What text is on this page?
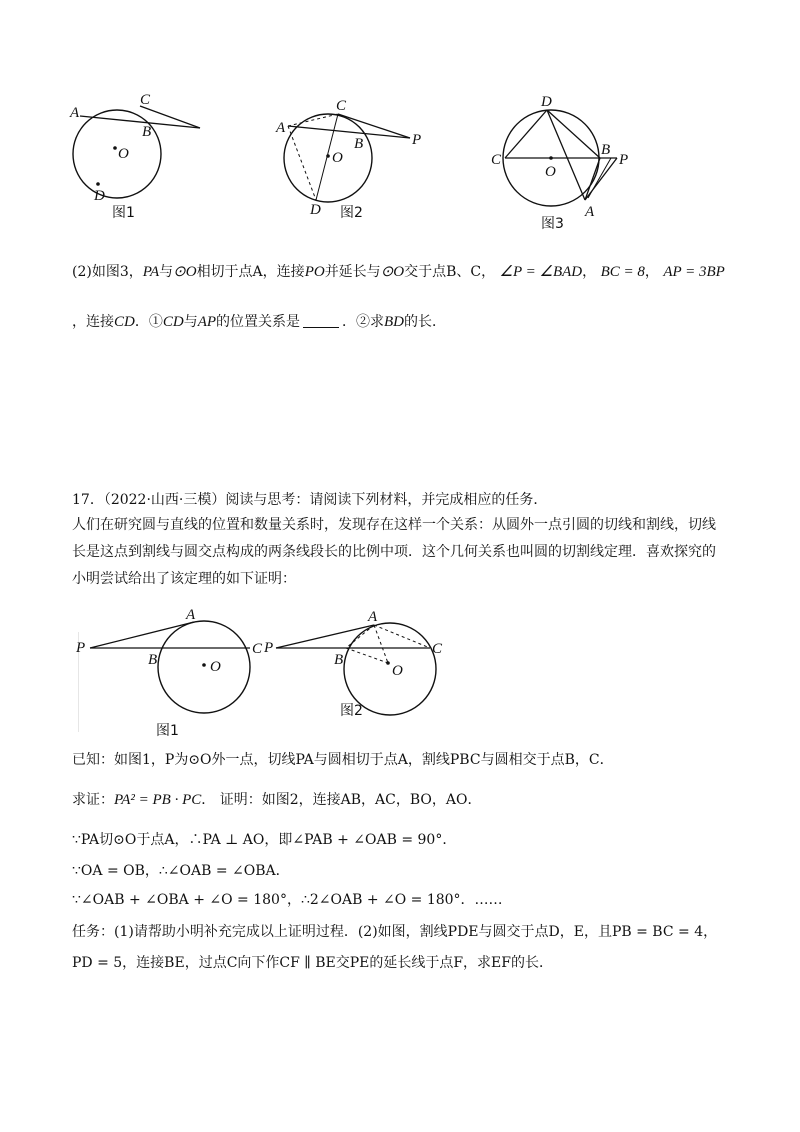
A
C
B
O
D
图1
A
C
B	P
O
D 图2
D
C
O
B
P
A
图3
(2)如图3，PA与⊙O相切于点A，连接PO并延长与⊙O交于点B、C， ∠P = ∠BAD， BC = 8， AP = 3BP
，连接CD．①CD与AP的位置关系是	．②求BD的长．
17．（2022·山西·三模）阅读与思考：请阅读下列材料，并完成相应的任务．
人们在研究圆与直线的位置和数量关系时，发现存在这样一个关系：从圆外一点引圆的切线和割线，切线长是这点到割线与圆交点构成的两条线段长的比例中项．这个几何关系也叫圆的切割线定理．喜欢探究的小明尝试给出了该定理的如下证明：
P
A
B
C
O
图1
P
A
B
C
O
图2
已知：如图1，P为⊙O外一点，切线PA与圆相切于点A，割线PBC与圆相交于点B，C．
求证：PA² = PB · PC． 证明：如图2，连接AB，AC，BO，AO．
∵PA切⊙O于点A，∴PA ⊥ AO，即∠PAB + ∠OAB = 90°．
∵OA = OB，∴∠OAB = ∠OBA．
∵∠OAB + ∠OBA + ∠O = 180°，∴2∠OAB + ∠O = 180°．……
任务：(1)请帮助小明补充完成以上证明过程．(2)如图，割线PDE与圆交于点D，E，且PB = BC = 4，
PD = 5，连接BE，过点C向下作CF ∥ BE交PE的延长线于点F，求EF的长．
